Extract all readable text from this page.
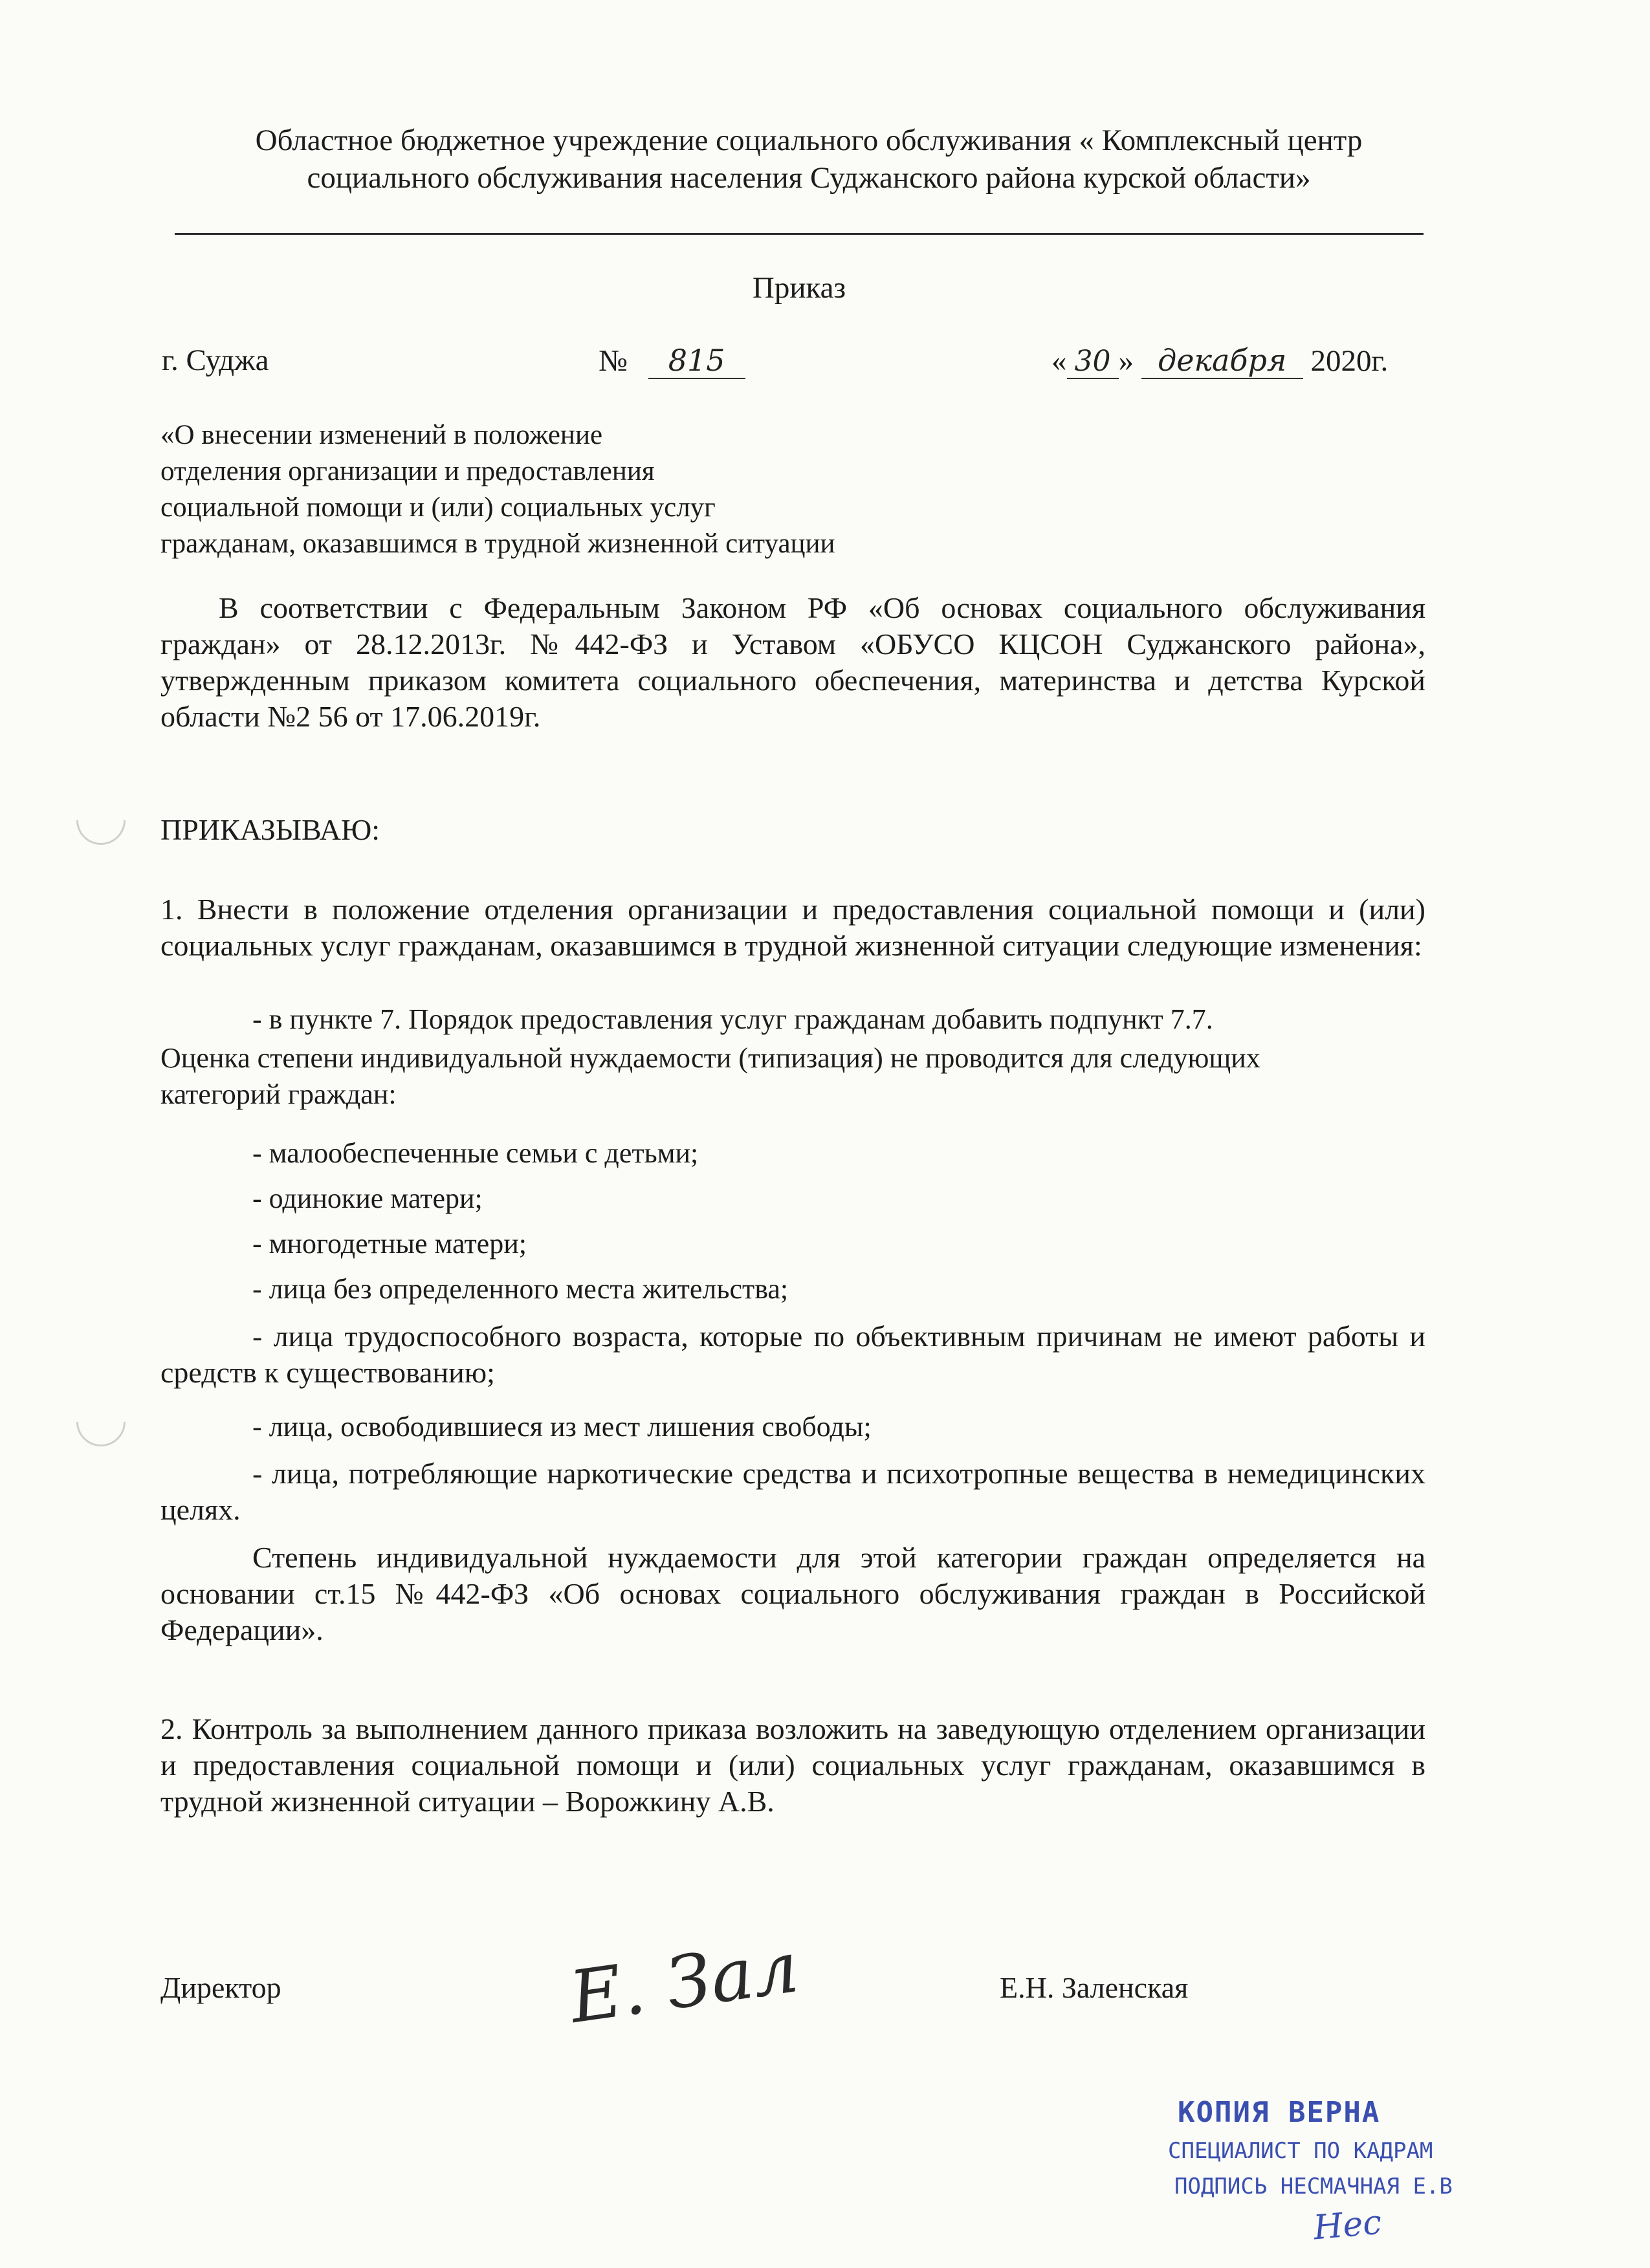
Областное бюджетное учреждение социального обслуживания « Комплексный центр
социального обслуживания населения Суджанского района курской области»
Приказ
г. Суджа	№ 815	« 30 » декабря 2020г.
«О внесении изменений в положение
отделения организации и предоставления
социальной помощи и (или) социальных услуг
гражданам, оказавшимся в трудной жизненной ситуации
В соответствии с Федеральным Законом РФ «Об основах социального обслуживания граждан» от 28.12.2013г. №442-ФЗ и Уставом «ОБУСО КЦСОН Суджанского района», утвержденным приказом комитета социального обеспечения, материнства и детства Курской области №2 56 от 17.06.2019г.
ПРИКАЗЫВАЮ:
1. Внести в положение отделения организации и предоставления социальной помощи и (или) социальных услуг гражданам, оказавшимся в трудной жизненной ситуации следующие изменения:
- в пункте 7. Порядок предоставления услуг гражданам добавить подпункт 7.7.
Оценка степени индивидуальной нуждаемости (типизация) не проводится для следующих
категорий граждан:
- малообеспеченные семьи с детьми;
- одинокие матери;
- многодетные матери;
- лица без определенного места жительства;
- лица трудоспособного возраста, которые по объективным причинам не имеют работы и средств к существованию;
- лица, освободившиеся из мест лишения свободы;
- лица, потребляющие наркотические средства и психотропные вещества в немедицинских целях.
Степень индивидуальной нуждаемости для этой категории граждан определяется на основании ст.15 №442-ФЗ «Об основах социального обслуживания граждан в Российской Федерации».
2. Контроль за выполнением данного приказа возложить на заведующую отделением организации и предоставления социальной помощи и (или) социальных услуг гражданам, оказавшимся в трудной жизненной ситуации – Ворожкину А.В.
Директор	Е. Зал	Е.Н. Заленская
КОПИЯ ВЕРНА
СПЕЦИАЛИСТ ПО КАДРАМ
ПОДПИСЬ НЕСМАЧНАЯ Е.В
Нес
